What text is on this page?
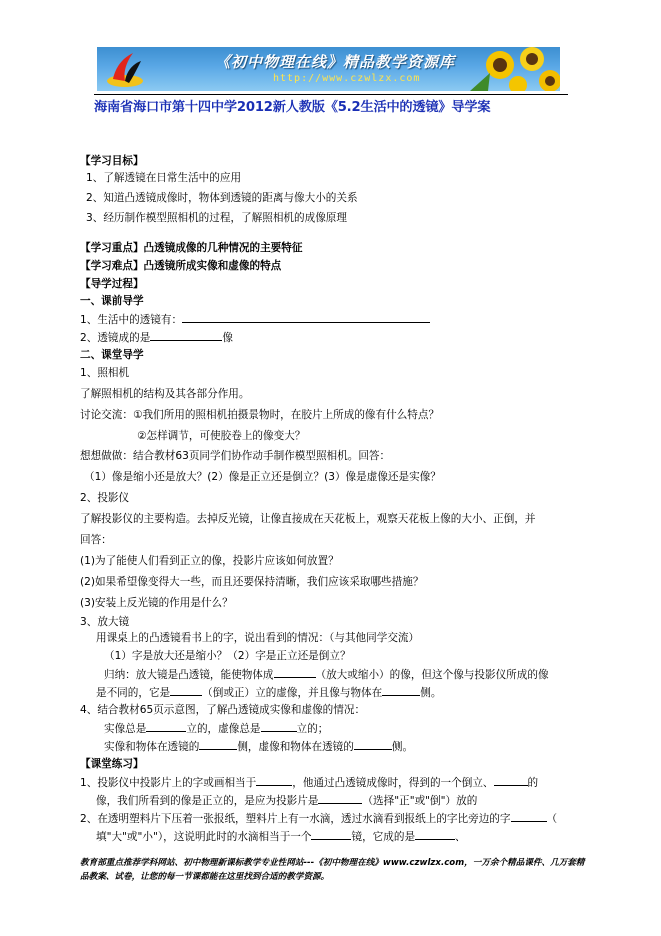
《初中物理在线》精品教学资源库
http://www.czwlzx.com
海南省海口市第十四中学2012新人教版《5.2生活中的透镜》导学案
【学习目标】
1、了解透镜在日常生活中的应用
2、知道凸透镜成像时，物体到透镜的距离与像大小的关系
3、经历制作模型照相机的过程，了解照相机的成像原理
【学习重点】凸透镜成像的几种情况的主要特征
【学习难点】凸透镜所成实像和虚像的特点
【导学过程】
一、课前导学
1、生活中的透镜有：
2、透镜成的是	像
二、课堂导学
1、照相机
了解照相机的结构及其各部分作用。
讨论交流：①我们所用的照相机拍摄景物时，在胶片上所成的像有什么特点？
②怎样调节，可使胶卷上的像变大？
想想做做：结合教材63页同学们协作动手制作模型照相机。回答：
（1）像是缩小还是放大？(2）像是正立还是倒立？(3）像是虚像还是实像？
2、投影仪
了解投影仪的主要构造。去掉反光镜，让像直接成在天花板上，观察天花板上像的大小、正倒，并
回答：
(1)为了能使人们看到正立的像，投影片应该如何放置？
(2)如果希望像变得大一些，而且还要保持清晰，我们应该采取哪些措施？
(3)安装上反光镜的作用是什么？
3、放大镜
用课桌上的凸透镜看书上的字，说出看到的情况：（与其他同学交流）
（1）字是放大还是缩小？（2）字是正立还是倒立？
归纳：放大镜是凸透镜，能使物体成	（放大或缩小）的像，但这个像与投影仪所成的像
是不同的，它是	（倒或正）立的虚像，并且像与物体在	侧。
4、结合教材65页示意图，了解凸透镜成实像和虚像的情况：
实像总是	立的，虚像总是	立的；
实像和物体在透镜的	侧，虚像和物体在透镜的	侧。
【课堂练习】
1、投影仪中投影片上的字或画相当于	，他通过凸透镜成像时，得到的一个倒立、	的
像，我们所看到的像是正立的，是应为投影片是	（选择"正"或"倒"）放的
2、在透明塑料片下压着一张报纸，塑料片上有一水滴，透过水滴看到报纸上的字比旁边的字	（
填"大"或"小"），这说明此时的水滴相当于一个	镜，它成的是	、
教育部重点推荐学科网站、初中物理新课标教学专业性网站---《初中物理在线》www.czwlzx.com，一万余个精品课件、几万套精品教案、试卷，让您的每一节课都能在这里找到合适的教学资源。
